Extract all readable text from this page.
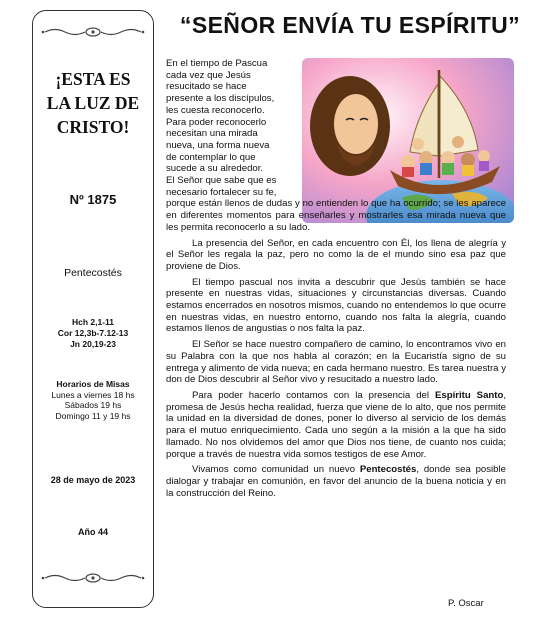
¡ESTA ES
LA LUZ DE
CRISTO!
Nº 1875
Pentecostés
Hch 2,1-11
Cor 12,3b-7.12-13
Jn 20,19-23
Horarios de Misas
Lunes a viernes 18 hs
Sábados 19 hs
Domingo 11 y 19 hs
28 de mayo de 2023
Año 44
“SEÑOR ENVÍA TU ESPÍRITU”

En el tiempo de Pascua
cada vez que Jesús
resucitado se hace
presente a los discípulos,
les cuesta reconocerlo.
Para poder reconocerlo
necesitan una mirada
nueva, una forma nueva
de contemplar lo que
sucede a su alrededor.
El Señor que sabe que es
necesario fortalecer su fe,

porque están llenos de dudas y no entienden lo que ha ocurrido; se les aparece en diferentes momentos para enseñarles y mostrarles esa mirada nueva que les permita reconocerlo a su lado.

La presencia del Señor, en cada encuentro con Él, los llena de alegría y el Señor les regala la paz, pero no como la de el mundo sino esa paz que proviene de Dios.

El tiempo pascual nos invita a descubrir que Jesús también se hace presente en nuestras vidas, situaciones y circunstancias diversas. Cuando estamos encerrados en nosotros mismos, cuando no entendemos lo que ocurre en nuestras vidas, en nuestro entorno, cuando nos falta la alegría, cuando estamos llenos de angustias o nos falta la paz.

El Señor se hace nuestro compañero de camino, lo encontramos vivo en su Palabra con la que nos habla al corazón; en la Eucaristía signo de su entrega y alimento de vida nueva; en cada hermano nuestro. Es tarea nuestra y don de Dios descubrir al Señor vivo y resucitado a nuestro lado.

Para poder hacerlo contamos con la presencia del Espíritu Santo, promesa de Jesús hecha realidad, fuerza que viene de lo alto, que nos permite la unidad en la diversidad de dones, poner lo diverso al servicio de los demás para el mutuo enriquecimiento. Cada uno según a la misión a la que ha sido llamado. No nos olvidemos del amor que Dios nos tiene, de cuanto nos cuida; porque a través de nuestra vida somos testigos de ese Amor.

Vivamos como comunidad un nuevo Pentecostés, donde sea posible dialogar y trabajar en comunión, en favor del anuncio de la buena noticia y en la construcción del Reino.

P. Oscar
